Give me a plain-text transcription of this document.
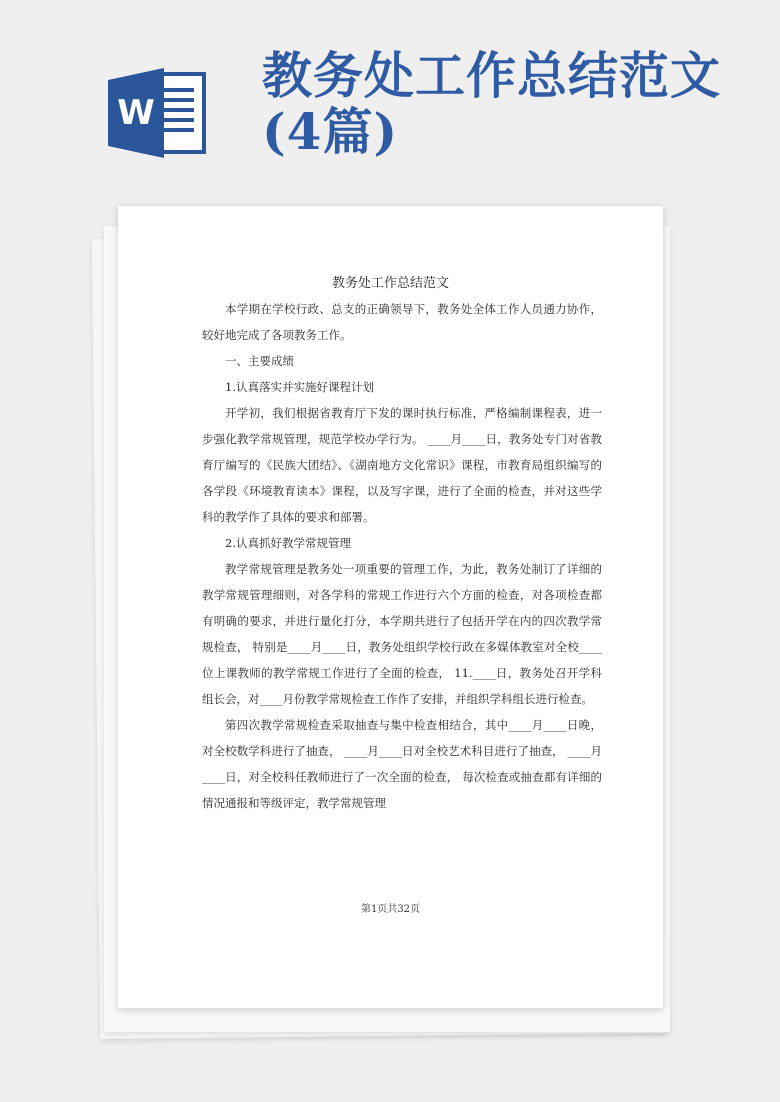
W
教务处工作总结范文(4篇)
教务处工作总结范文

本学期在学校行政、总支的正确领导下，教务处全体工作人员通力协作，较好地完成了各项教务工作。

一、主要成绩

1.认真落实并实施好课程计划

开学初，我们根据省教育厅下发的课时执行标准，严格编制课程表，进一步强化教学常规管理，规范学校办学行为。 ____月____日，教务处专门对省教育厅编写的《民族大团结》、《湖南地方文化常识》课程，市教育局组织编写的各学段《环境教育读本》课程，以及写字课，进行了全面的检查，并对这些学科的教学作了具体的要求和部署。

2.认真抓好教学常规管理

教学常规管理是教务处一项重要的管理工作，为此，教务处制订了详细的教学常规管理细则，对各学科的常规工作进行六个方面的检查，对各项检查都有明确的要求，并进行量化打分，本学期共进行了包括开学在内的四次教学常规检查， 特别是____月____日，教务处组织学校行政在多媒体教室对全校____位上课教师的教学常规工作进行了全面的检查， 11.____日，教务处召开学科组长会，对____月份教学常规检查工作作了安排，并组织学科组长进行检查。

第四次教学常规检查采取抽查与集中检查相结合，其中____月____日晚，对全校数学科进行了抽查， ____月____日对全校艺术科目进行了抽查， ____月____日，对全校科任教师进行了一次全面的检查， 每次检查或抽查都有详细的情况通报和等级评定，教学常规管理

第1页共32页
